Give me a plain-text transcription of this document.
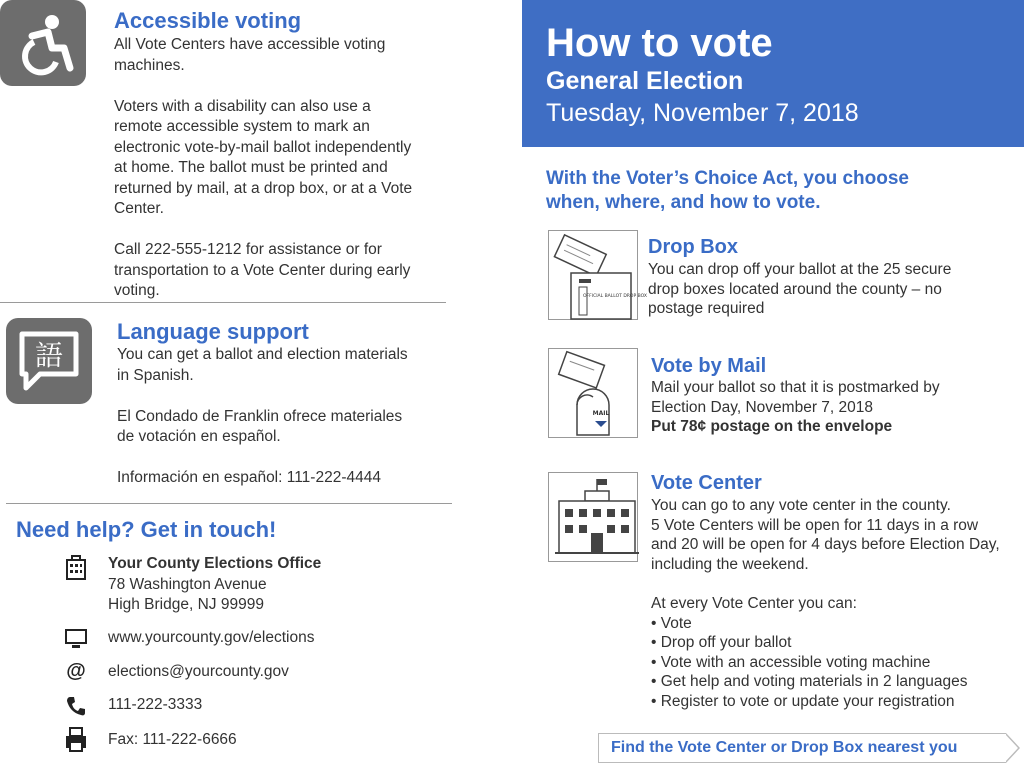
Accessible voting

All Vote Centers have accessible voting machines.

Voters with a disability can also use a remote accessible system to mark an electronic vote-by-mail ballot independently at home. The ballot must be printed and returned by mail, at a drop box, or at a Vote Center.

Call 222-555-1212 for assistance or for transportation to a Vote Center during early voting.

語
Language support

You can get a ballot and election materials in Spanish.

El Condado de Franklin ofrece materiales de votación en español.

Información en español: 111-222-4444

Need help? Get in touch!
Your County Elections Office
78 Washington Avenue
High Bridge, NJ 99999
www.yourcounty.gov/elections
@ elections@yourcounty.gov
111-222-3333
Fax: 111-222-6666
How to vote
General Election
Tuesday, November 7, 2018
With the Voter’s Choice Act, you choose when, where, and how to vote.
OFFICIAL BALLOT DROP BOX
Drop Box
You can drop off your ballot at the 25 secure drop boxes located around the county – no postage required
MAIL
Vote by Mail
Mail your ballot so that it is postmarked by Election Day, November 7, 2018
Put 78¢ postage on the envelope
Vote Center
You can go to any vote center in the county.
5 Vote Centers will be open for 11 days in a row and 20 will be open for 4 days before Election Day, including the weekend.
At every Vote Center you can:
• Vote
• Drop off your ballot
• Vote with an accessible voting machine
• Get help and voting materials in 2 languages
• Register to vote or update your registration
Find the Vote Center or Drop Box nearest you
